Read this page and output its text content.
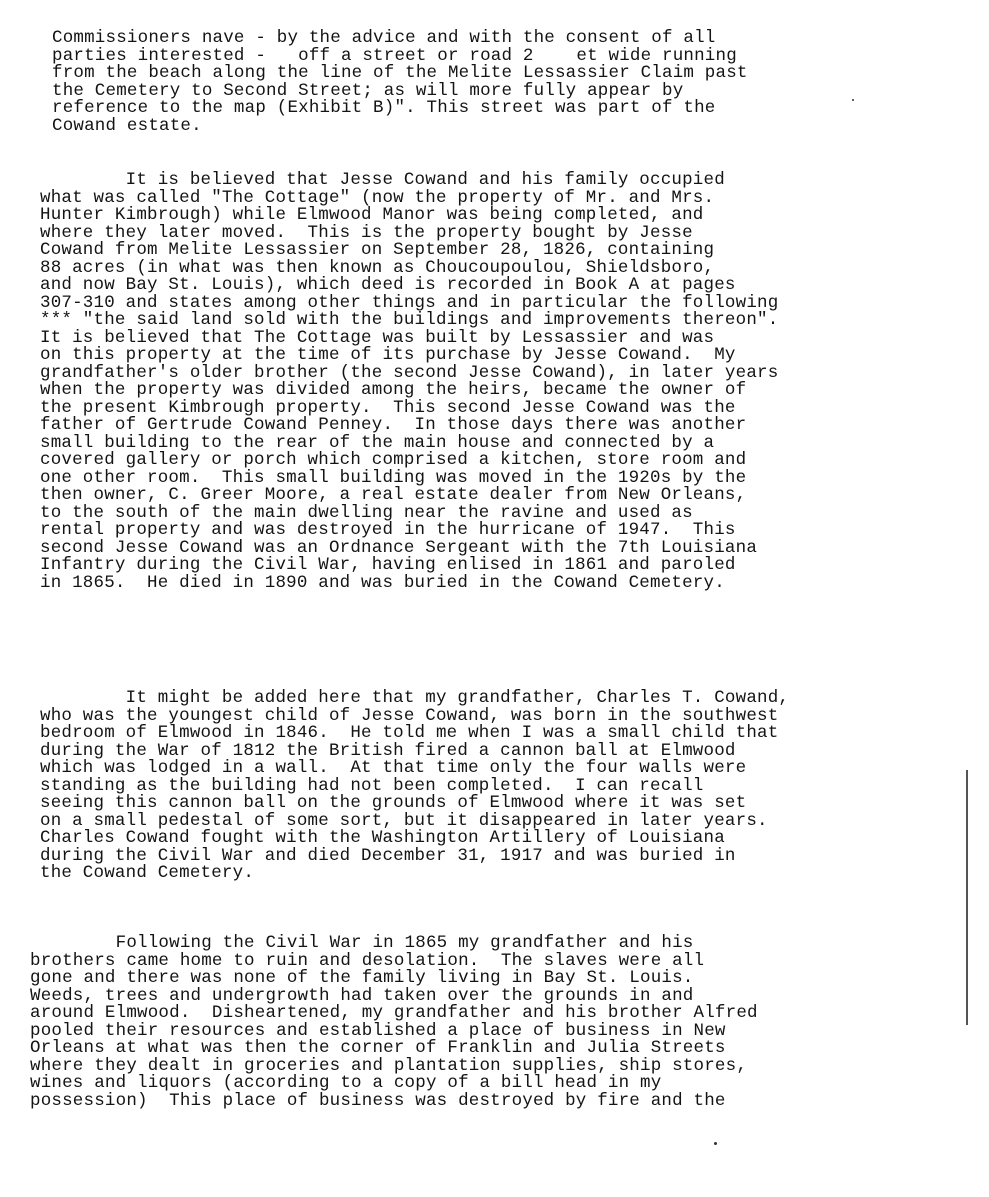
Commissioners nave - by the advice and with the consent of all
parties interested -   off a street or road 2    et wide running
from the beach along the line of the Melite Lessassier Claim past
the Cemetery to Second Street; as will more fully appear by
reference to the map (Exhibit B)". This street was part of the
Cowand estate.

It is believed that Jesse Cowand and his family occupied
what was called "The Cottage" (now the property of Mr. and Mrs.
Hunter Kimbrough) while Elmwood Manor was being completed, and
where they later moved.  This is the property bought by Jesse
Cowand from Melite Lessassier on September 28, 1826, containing
88 acres (in what was then known as Choucoupoulou, Shieldsboro,
and now Bay St. Louis), which deed is recorded in Book A at pages
307-310 and states among other things and in particular the following
*** "the said land sold with the buildings and improvements thereon".
It is believed that The Cottage was built by Lessassier and was
on this property at the time of its purchase by Jesse Cowand.  My
grandfather's older brother (the second Jesse Cowand), in later years
when the property was divided among the heirs, became the owner of
the present Kimbrough property.  This second Jesse Cowand was the
father of Gertrude Cowand Penney.  In those days there was another
small building to the rear of the main house and connected by a
covered gallery or porch which comprised a kitchen, store room and
one other room.  This small building was moved in the 1920s by the
then owner, C. Greer Moore, a real estate dealer from New Orleans,
to the south of the main dwelling near the ravine and used as
rental property and was destroyed in the hurricane of 1947.  This
second Jesse Cowand was an Ordnance Sergeant with the 7th Louisiana
Infantry during the Civil War, having enlised in 1861 and paroled
in 1865.  He died in 1890 and was buried in the Cowand Cemetery.

It might be added here that my grandfather, Charles T. Cowand,
who was the youngest child of Jesse Cowand, was born in the southwest
bedroom of Elmwood in 1846.  He told me when I was a small child that
during the War of 1812 the British fired a cannon ball at Elmwood
which was lodged in a wall.  At that time only the four walls were
standing as the building had not been completed.  I can recall
seeing this cannon ball on the grounds of Elmwood where it was set
on a small pedestal of some sort, but it disappeared in later years.
Charles Cowand fought with the Washington Artillery of Louisiana
during the Civil War and died December 31, 1917 and was buried in
the Cowand Cemetery.

Following the Civil War in 1865 my grandfather and his
brothers came home to ruin and desolation.  The slaves were all
gone and there was none of the family living in Bay St. Louis.
Weeds, trees and undergrowth had taken over the grounds in and
around Elmwood.  Disheartened, my grandfather and his brother Alfred
pooled their resources and established a place of business in New
Orleans at what was then the corner of Franklin and Julia Streets
where they dealt in groceries and plantation supplies, ship stores,
wines and liquors (according to a copy of a bill head in my
possession)  This place of business was destroyed by fire and the
